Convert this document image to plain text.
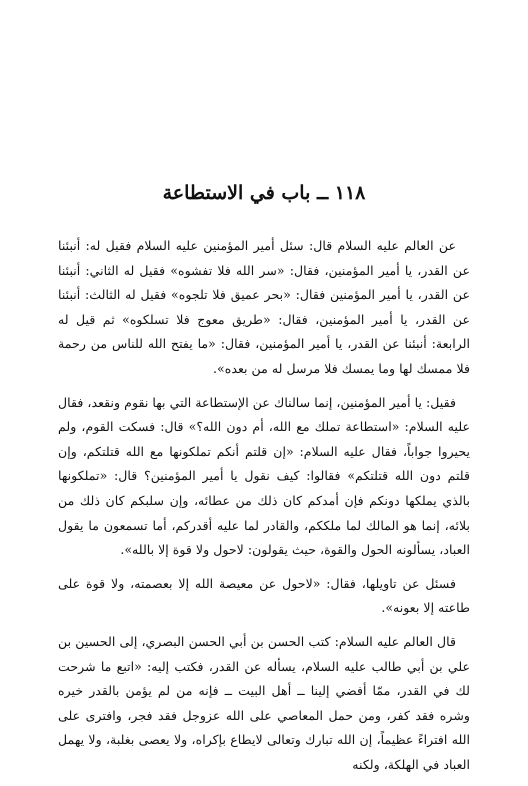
١١٨ ــ باب في الاستطاعة

عن العالم عليه السلام قال: سئل أمير المؤمنين عليه السلام فقيل له: أنبئنا عن القدر، يا أمير المؤمنين، فقال: «سر الله فلا تفشوه» فقيل له الثاني: أنبئنا عن القدر، يا أمير المؤمنين فقال: «بحر عميق فلا تلجوه» فقيل له الثالث: أنبئنا عن القدر، يا أمير المؤمنين، فقال: «طريق معوج فلا تسلكوه» ثم قيل له الرابعة: أنبئنا عن القدر، يا أمير المؤمنين، فقال: «ما يفتح الله للناس من رحمة فلا ممسك لها وما يمسك فلا مرسل له من بعده».

فقيل: يا أمير المؤمنين، إنما سالناك عن الإستطاعة التي بها نقوم ونقعد، فقال عليه السلام: «استطاعة تملك مع الله، أم دون الله؟» قال: فسكت القوم، ولم يحيروا جواباً، فقال عليه السلام: «إن قلتم أنكم تملكونها مع الله قتلتكم، وإن قلتم دون الله قتلتكم» فقالوا: كيف نقول يا أمير المؤمنين؟ قال: «تملكونها بالذي يملكها دونكم فإن أمدكم كان ذلك من عطائه، وإن سلبكم كان ذلك من بلائه، إنما هو المالك لما ملككم، والقادر لما عليه أقدركم، أما تسمعون ما يقول العباد، يسألونه الحول والقوة، حيث يقولون: لاحول ولا قوة إلا بالله».

فسئل عن تاويلها، فقال: «لاحول عن معيصة الله إلا بعصمته، ولا قوة على طاعته إلا بعونه».

قال العالم عليه السلام: كتب الحسن بن أبي الحسن البصري، إلى الحسين بن علي بن أبي طالب عليه السلام، يسأله عن القدر، فكتب إليه: «اتبع ما شرحت لك في القدر، ممّا أفضي إلينا ــ أهل البيت ــ فإنه من لم يؤمن بالقدر خيره وشره فقد كفر، ومن حمل المعاصي على الله عزوجل فقد فجر، وافترى على الله افتراءً عظيماً، إن الله تبارك وتعالى لايطاع بإكراه، ولا يعصى بغلبة، ولا يهمل العباد في الهلكة، ولكنه
